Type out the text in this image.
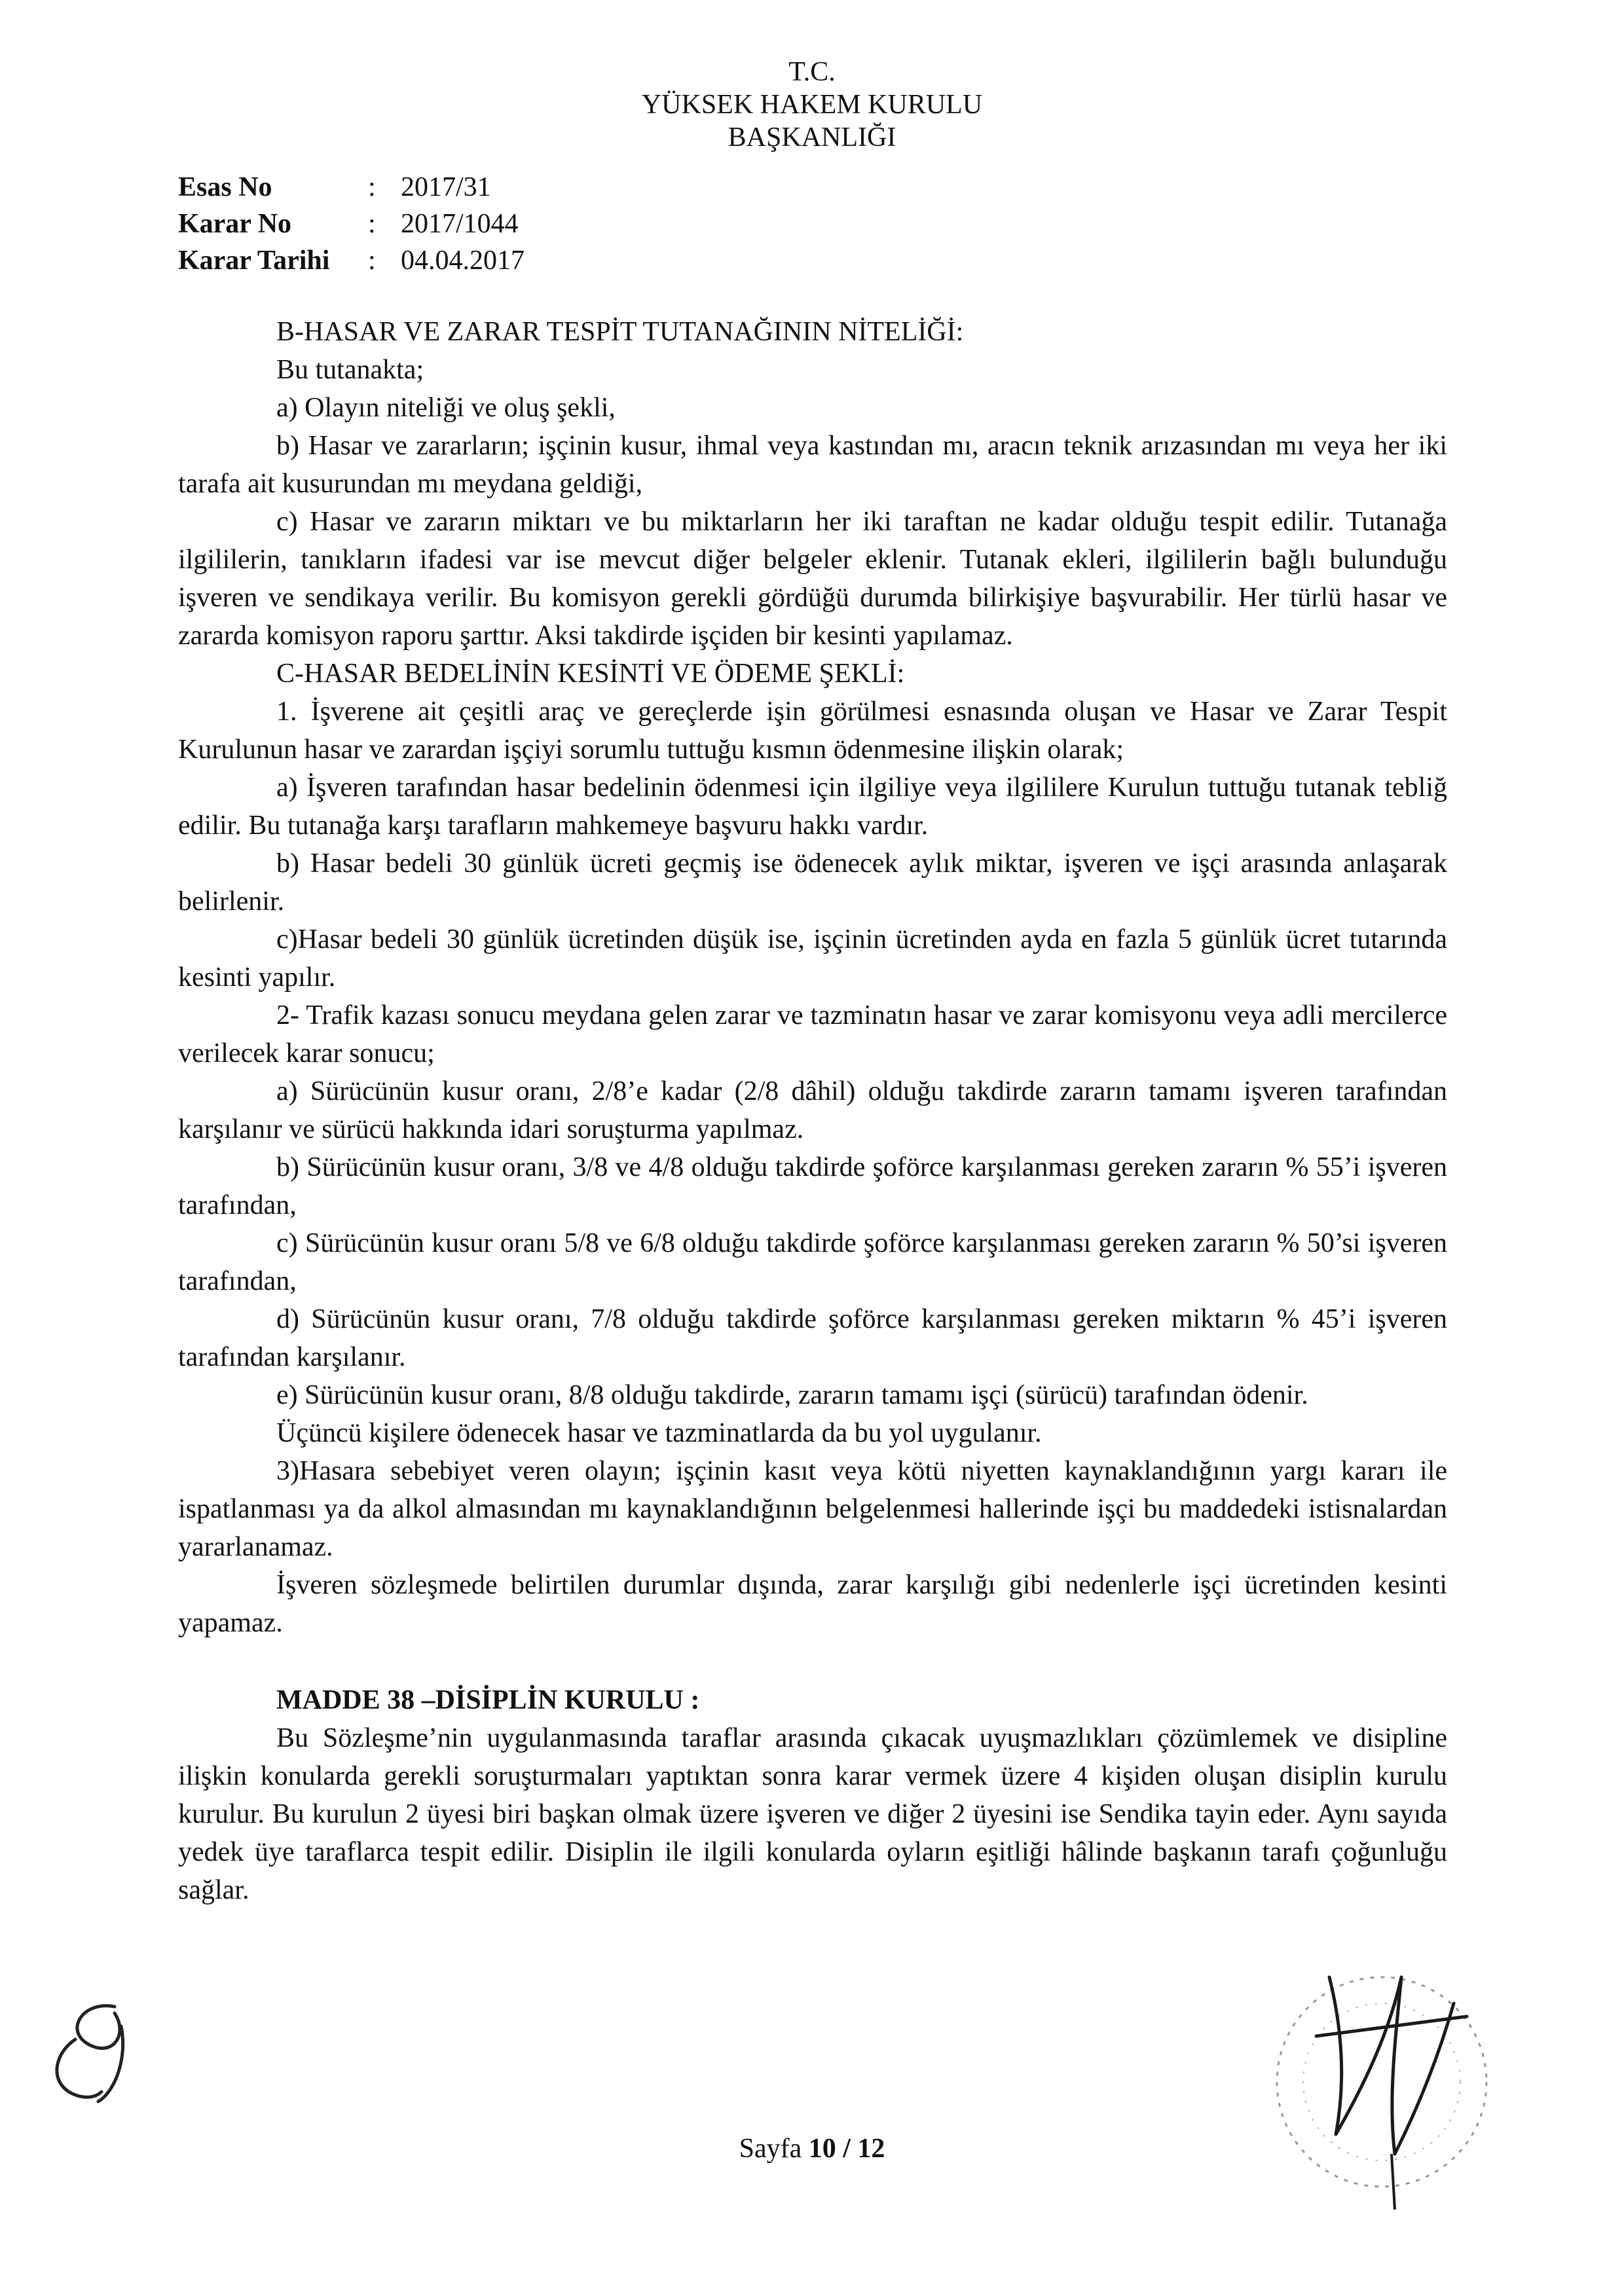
T.C.
YÜKSEK HAKEM KURULU
BAŞKANLIĞI
Esas No	: 2017/31
Karar No	: 2017/1044
Karar Tarihi	: 04.04.2017

B-HASAR VE ZARAR TESPİT TUTANAĞININ NİTELİĞİ:

Bu tutanakta;

a) Olayın niteliği ve oluş şekli,

b) Hasar ve zararların; işçinin kusur, ihmal veya kastından mı, aracın teknik arızasından mı veya her iki tarafa ait kusurundan mı meydana geldiği,

c) Hasar ve zararın miktarı ve bu miktarların her iki taraftan ne kadar olduğu tespit edilir. Tutanağa ilgililerin, tanıkların ifadesi var ise mevcut diğer belgeler eklenir. Tutanak ekleri, ilgililerin bağlı bulunduğu işveren ve sendikaya verilir. Bu komisyon gerekli gördüğü durumda bilirkişiye başvurabilir. Her türlü hasar ve zararda komisyon raporu şarttır. Aksi takdirde işçiden bir kesinti yapılamaz.

C-HASAR BEDELİNİN KESİNTİ VE ÖDEME ŞEKLİ:

1. İşverene ait çeşitli araç ve gereçlerde işin görülmesi esnasında oluşan ve Hasar ve Zarar Tespit Kurulunun hasar ve zarardan işçiyi sorumlu tuttuğu kısmın ödenmesine ilişkin olarak;

a) İşveren tarafından hasar bedelinin ödenmesi için ilgiliye veya ilgililere Kurulun tuttuğu tutanak tebliğ edilir. Bu tutanağa karşı tarafların mahkemeye başvuru hakkı vardır.

b) Hasar bedeli 30 günlük ücreti geçmiş ise ödenecek aylık miktar, işveren ve işçi arasında anlaşarak belirlenir.

c)Hasar bedeli 30 günlük ücretinden düşük ise, işçinin ücretinden ayda en fazla 5 günlük ücret tutarında kesinti yapılır.

2- Trafik kazası sonucu meydana gelen zarar ve tazminatın hasar ve zarar komisyonu veya adli mercilerce verilecek karar sonucu;

a) Sürücünün kusur oranı, 2/8’e kadar (2/8 dâhil) olduğu takdirde zararın tamamı işveren tarafından karşılanır ve sürücü hakkında idari soruşturma yapılmaz.

b) Sürücünün kusur oranı, 3/8 ve 4/8 olduğu takdirde şoförce karşılanması gereken zararın % 55’i işveren tarafından,

c) Sürücünün kusur oranı 5/8 ve 6/8 olduğu takdirde şoförce karşılanması gereken zararın % 50’si işveren tarafından,

d) Sürücünün kusur oranı, 7/8 olduğu takdirde şoförce karşılanması gereken miktarın % 45’i işveren tarafından karşılanır.

e) Sürücünün kusur oranı, 8/8 olduğu takdirde, zararın tamamı işçi (sürücü) tarafından ödenir.

Üçüncü kişilere ödenecek hasar ve tazminatlarda da bu yol uygulanır.

3)Hasara sebebiyet veren olayın; işçinin kasıt veya kötü niyetten kaynaklandığının yargı kararı ile ispatlanması ya da alkol almasından mı kaynaklandığının belgelenmesi hallerinde işçi bu maddedeki istisnalardan yararlanamaz.

İşveren sözleşmede belirtilen durumlar dışında, zarar karşılığı gibi nedenlerle işçi ücretinden kesinti yapamaz.

MADDE 38 –DİSİPLİN KURULU :

Bu Sözleşme’nin uygulanmasında taraflar arasında çıkacak uyuşmazlıkları çözümlemek ve disipline ilişkin konularda gerekli soruşturmaları yaptıktan sonra karar vermek üzere 4 kişiden oluşan disiplin kurulu kurulur. Bu kurulun 2 üyesi biri başkan olmak üzere işveren ve diğer 2 üyesini ise Sendika tayin eder. Aynı sayıda yedek üye taraflarca tespit edilir. Disiplin ile ilgili konularda oyların eşitliği hâlinde başkanın tarafı çoğunluğu sağlar.

Sayfa 10 / 12
